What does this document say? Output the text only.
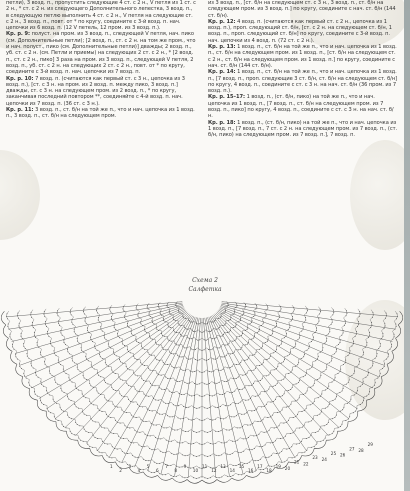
петли), 3 возд. п., пропустить следующие 4 ст. с 2 н., V петля из 1 ст. с 2 н., * ст. с 2 н. из следующего Дополнительного лепестка, 3 возд. п., в следующую петлю выполнить 4 ст. с 2 н., V петля на следующие ст. с 2 н., 3 возд. п., повт. от * по кругу, соедините с 3-й возд. п. нач. цепочки из 6 возд. п. (12 V петель, 12 пром. из 3 возд. п.).

Кр. р. 9: полуст. на пром. из 3 возд. п., следующей V петля, нач. пико (см. Дополнительные петли); [2 возд. п., ст. с 2 н. на том же пром., что и нач. полуст., пико (см. Дополнительные петли)] дважды; 2 возд. п., уб. ст. с 2 н. (см. Петли и приемы) на следующих 2 ст. с 2 н., * [2 возд. п., ст. с 2 н., пико] 3 раза на пром. из 3 возд. п., следующей V петля, 2 возд. п., уб. ст. с 2 н. на следующих 2 ст. с 2 н., повт. от * по кругу, соедините с 3-й возд. п. нач. цепочки из 7 возд. п.

Кр. р. 10: 7 возд. п. (считаются как первый ст. с 3 н., цепочка из 3 возд. п.), [ст. с 3 н. на пром. из 2 возд. п. между пико, 3 возд. п.] дважды, ст. с 3 н. на следующем пром. из 2 возд. п., * по кругу, заканчивая последний повтором **, соединяйте с 4-й возд. п. нач. цепочки из 7 возд. п. (36 ст. с 3 н.).

Кр. р. 11: 3 возд. п., ст. б/н на той же п., что и нач. цепочка из 1 возд. п., 3 возд. п., ст. б/н на следующем пром.

из 3 возд. п., [ст. б/н на следующем ст. с 3 н., 3 возд. п., ст. б/н на следующем пром. из 3 возд. п.] по кругу, соедините с нач. ст. б/н (144 ст. б/н).

Кр. р. 12: 4 возд. п. (считаются как первый ст. с 2 н., цепочка из 1 возд. п.), проп. следующий ст. б/н, [ст. с 2 н. на следующем ст. б/н, 1 возд. п., проп. следующий ст. б/н] по кругу, соедините с 3-й возд. п. нач. цепочки из 4 возд. п. (72 ст. с 2 н.).

Кр. р. 13: 1 возд. п., ст. б/н на той же п., что и нач. цепочка из 1 возд. п., ст. б/н на следующем пром. из 1 возд. п., [ст. б/н на следующем ст. с 2 н., ст. б/н на следующем пром. из 1 возд. п.] по кругу, соедините с нач. ст. б/н (144 ст. б/н).

Кр. р. 14: 1 возд. п., ст. б/н на той же п., что и нач. цепочка из 1 возд. п., [7 возд. п., проп. следующие 3 ст. б/н, ст. б/н на следующем ст. б/н] по кругу, 4 возд. п., соедините с ст. с 3 н. на нач. ст. б/н (36 пром. из 7 возд. п.).

Кр. р. 15–17: 1 возд. п., (ст. б/н, пико) на той же п., что и нач. цепочка из 1 возд. п., [7 возд. п., ст. б/н на следующем пром. из 7 возд. п., пико] по кругу, 4 возд. п., соедините с ст. с 3 н. на нач. ст. б/н.

Кр. р. 18: 1 возд. п., (ст. б/н, пико) на той же п., что и нач. цепочка из 1 возд. п., [7 возд. п., 7 ст. с 2 н. на следующем пром. из 7 возд. п., (ст. б/н, пико) на следующем пром. из 7 возд. п.], 7 возд. п.

Схема 2
Салфетка
1
2
3
4
5
6
7
8
9
10
11
12
13
14
15
16
17
18
19 20
21 22
23 24
25 26
27 28
29
